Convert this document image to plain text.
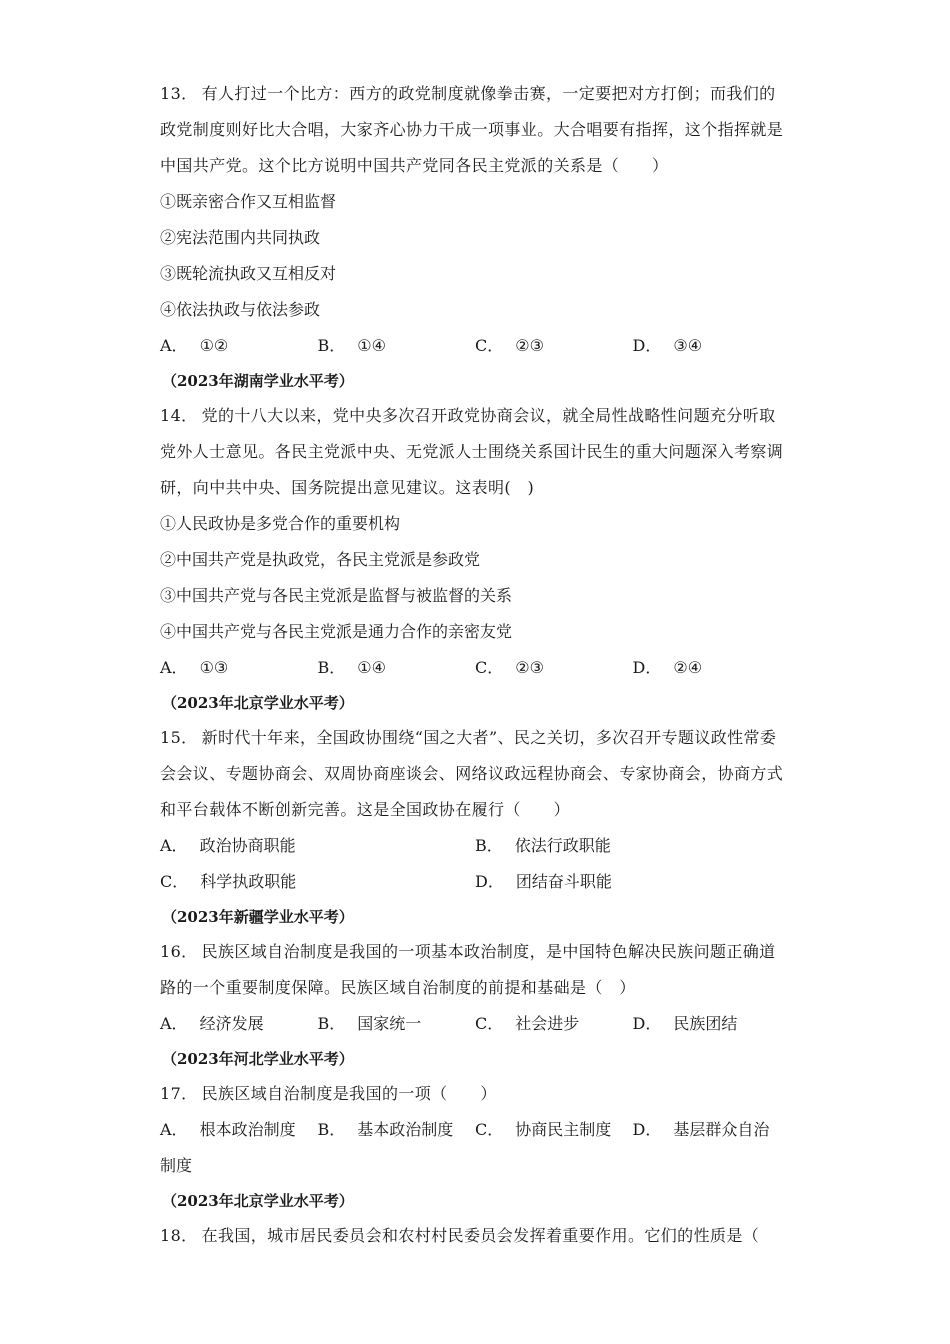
13． 有人打过一个比方：西方的政党制度就像拳击赛，一定要把对方打倒；而我们的政党制度则好比大合唱，大家齐心协力干成一项事业。大合唱要有指挥，这个指挥就是中国共产党。这个比方说明中国共产党同各民主党派的关系是（　　）
①既亲密合作又互相监督
②宪法范围内共同执政
③既轮流执政又互相反对
④依法执政与依法参政
A． ①②	B． ①④	C． ②③	D． ③④
（2023年湖南学业水平考）
14． 党的十八大以来，党中央多次召开政党协商会议，就全局性战略性问题充分听取党外人士意见。各民主党派中央、无党派人士围绕关系国计民生的重大问题深入考察调研，向中共中央、国务院提出意见建议。这表明(　)
①人民政协是多党合作的重要机构
②中国共产党是执政党，各民主党派是参政党
③中国共产党与各民主党派是监督与被监督的关系
④中国共产党与各民主党派是通力合作的亲密友党
A． ①③	B． ①④	C． ②③	D． ②④
（2023年北京学业水平考）
15． 新时代十年来，全国政协围绕“国之大者”、民之关切，多次召开专题议政性常委会会议、专题协商会、双周协商座谈会、网络议政远程协商会、专家协商会，协商方式和平台载体不断创新完善。这是全国政协在履行（　　）
A． 政治协商职能	B． 依法行政职能
C． 科学执政职能	D． 团结奋斗职能
（2023年新疆学业水平考）
16． 民族区域自治制度是我国的一项基本政治制度，是中国特色解决民族问题正确道路的一个重要制度保障。民族区域自治制度的前提和基础是（　）
A． 经济发展	B． 国家统一	C． 社会进步	D． 民族团结
（2023年河北学业水平考）
17． 民族区域自治制度是我国的一项（　　）
A． 根本政治制度	B． 基本政治制度	C． 协商民主制度	D． 基层群众自治
制度
（2023年北京学业水平考）
18． 在我国，城市居民委员会和农村村民委员会发挥着重要作用。它们的性质是（
